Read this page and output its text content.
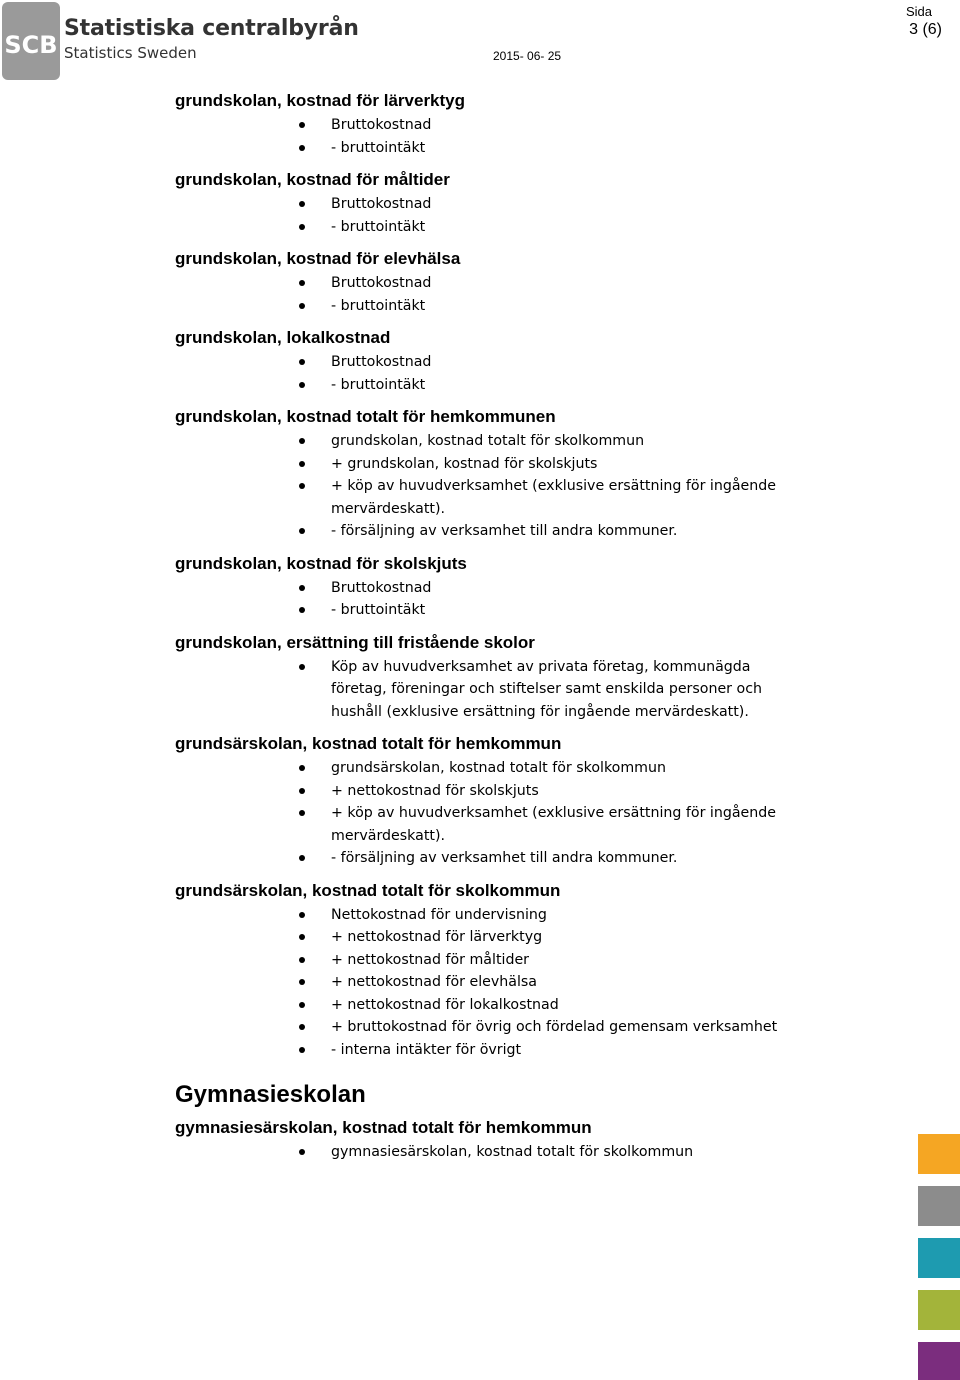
SCB
Statistiska centralbyrån
Statistics Sweden	2015- 06- 25
Sida
3 (6)
grundskolan, kostnad för lärverktyg
Bruttokostnad
- bruttointäkt
grundskolan, kostnad för måltider
Bruttokostnad
- bruttointäkt
grundskolan, kostnad för elevhälsa
Bruttokostnad
- bruttointäkt
grundskolan, lokalkostnad
Bruttokostnad
- bruttointäkt
grundskolan, kostnad totalt för hemkommunen
grundskolan, kostnad totalt för skolkommun
+ grundskolan, kostnad för skolskjuts
+ köp av huvudverksamhet (exklusive ersättning för ingående mervärdeskatt).
- försäljning av verksamhet till andra kommuner.
grundskolan, kostnad för skolskjuts
Bruttokostnad
- bruttointäkt
grundskolan, ersättning till fristående skolor
Köp av huvudverksamhet av privata företag, kommunägda företag, föreningar och stiftelser samt enskilda personer och hushåll (exklusive ersättning för ingående mervärdeskatt).
grundsärskolan, kostnad totalt för hemkommun
grundsärskolan, kostnad totalt för skolkommun
+ nettokostnad för skolskjuts
+ köp av huvudverksamhet (exklusive ersättning för ingående mervärdeskatt).
- försäljning av verksamhet till andra kommuner.
grundsärskolan, kostnad totalt för skolkommun
Nettokostnad för undervisning
+ nettokostnad för lärverktyg
+ nettokostnad för måltider
+ nettokostnad för elevhälsa
+ nettokostnad för lokalkostnad
+ bruttokostnad för övrig och fördelad gemensam verksamhet
- interna intäkter för övrigt
Gymnasieskolan
gymnasiesärskolan, kostnad totalt för hemkommun
gymnasiesärskolan, kostnad totalt för skolkommun
